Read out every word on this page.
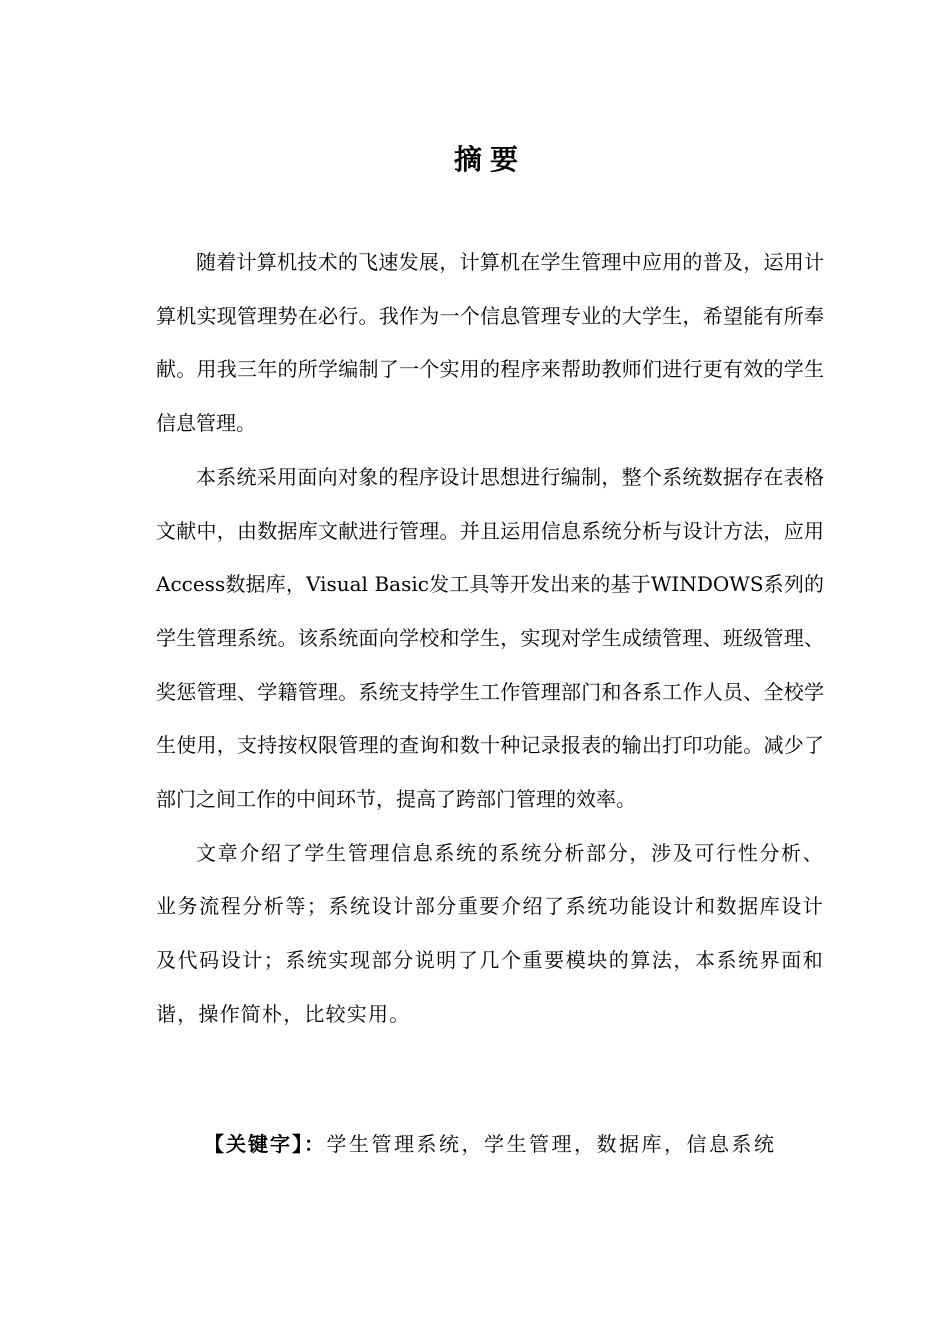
摘要

随着计算机技术的飞速发展，计算机在学生管理中应用的普及，运用计算机实现管理势在必行。我作为一个信息管理专业的大学生，希望能有所奉献。用我三年的所学编制了一个实用的程序来帮助教师们进行更有效的学生信息管理。

本系统采用面向对象的程序设计思想进行编制，整个系统数据存在表格文献中，由数据库文献进行管理。并且运用信息系统分析与设计方法，应用Access数据库，Visual Basic发工具等开发出来的基于WINDOWS系列的学生管理系统。该系统面向学校和学生，实现对学生成绩管理、班级管理、奖惩管理、学籍管理。系统支持学生工作管理部门和各系工作人员、全校学生使用，支持按权限管理的查询和数十种记录报表的输出打印功能。减少了部门之间工作的中间环节，提高了跨部门管理的效率。

文章介绍了学生管理信息系统的系统分析部分，涉及可行性分析、业务流程分析等；系统设计部分重要介绍了系统功能设计和数据库设计及代码设计；系统实现部分说明了几个重要模块的算法，本系统界面和谐，操作简朴，比较实用。

【关键字】：学生管理系统，学生管理，数据库，信息系统
